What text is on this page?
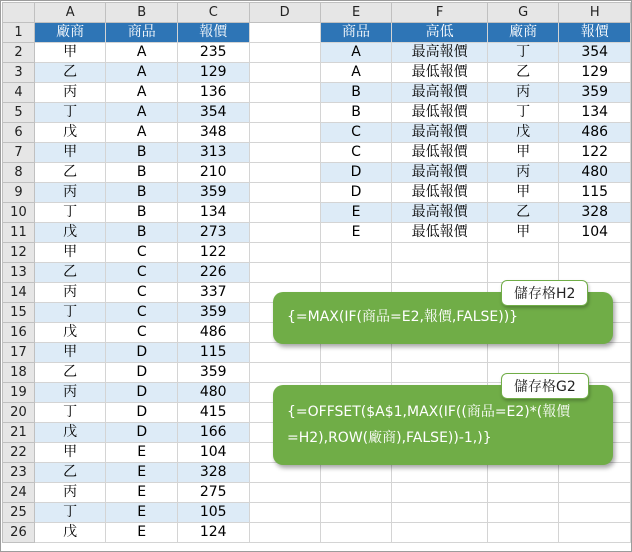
	A	B	C	D	E	F	G	H
1	廠商	商品	報價		商品	高低	廠商	報價
2	甲	A	235		A	最高報價	丁	354
3	乙	A	129		A	最低報價	乙	129
4	丙	A	136		B	最高報價	丙	359
5	丁	A	354		B	最低報價	丁	134
6	戊	A	348		C	最高報價	戊	486
7	甲	B	313		C	最低報價	甲	122
8	乙	B	210		D	最高報價	丙	480
9	丙	B	359		D	最低報價	甲	115
10	丁	B	134		E	最高報價	乙	328
11	戊	B	273		E	最低報價	甲	104
12	甲	C	122					
13	乙	C	226					
14	丙	C	337					
15	丁	C	359					
16	戊	C	486					
17	甲	D	115					
18	乙	D	359					
19	丙	D	480					
20	丁	D	415					
21	戊	D	166					
22	甲	E	104					
23	乙	E	328					
24	丙	E	275					
25	丁	E	105					
26	戊	E	124					
{=MAX(IF(商品=E2,報價,FALSE))}
儲存格H2
{=OFFSET($A$1,MAX(IF((商品=E2)*(報價
=H2),ROW(廠商),FALSE))-1,)}
儲存格G2
